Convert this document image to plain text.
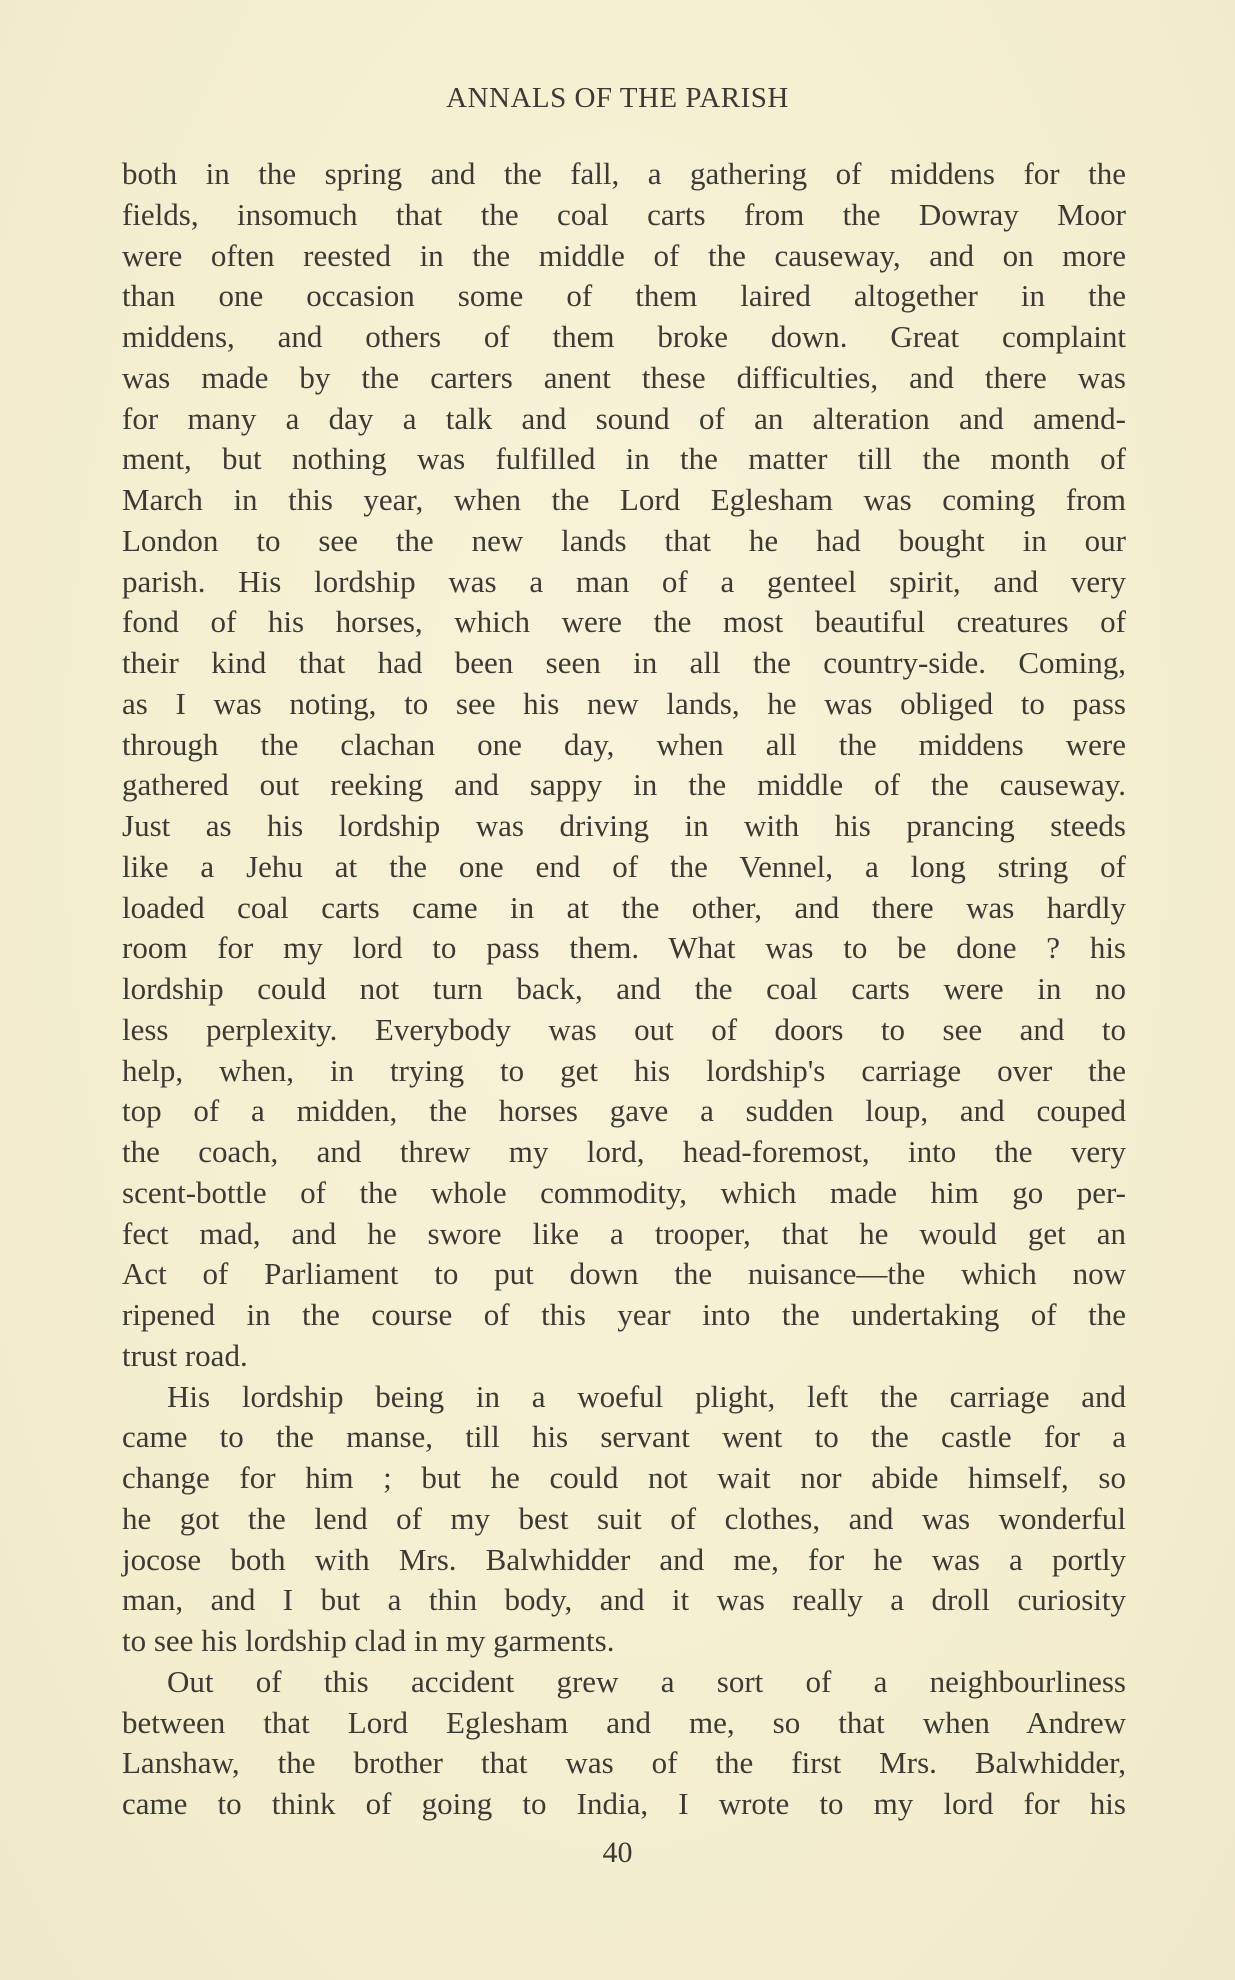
ANNALS OF THE PARISH
both in the spring and the fall, a gathering of middens for the
fields, insomuch that the coal carts from the Dowray Moor
were often reested in the middle of the causeway, and on more
than one occasion some of them laired altogether in the
middens, and others of them broke down. Great complaint
was made by the carters anent these difficulties, and there was
for many a day a talk and sound of an alteration and amend-
ment, but nothing was fulfilled in the matter till the month of
March in this year, when the Lord Eglesham was coming from
London to see the new lands that he had bought in our
parish. His lordship was a man of a genteel spirit, and very
fond of his horses, which were the most beautiful creatures of
their kind that had been seen in all the country-side. Coming,
as I was noting, to see his new lands, he was obliged to pass
through the clachan one day, when all the middens were
gathered out reeking and sappy in the middle of the causeway.
Just as his lordship was driving in with his prancing steeds
like a Jehu at the one end of the Vennel, a long string of
loaded coal carts came in at the other, and there was hardly
room for my lord to pass them. What was to be done ? his
lordship could not turn back, and the coal carts were in no
less perplexity. Everybody was out of doors to see and to
help, when, in trying to get his lordship's carriage over the
top of a midden, the horses gave a sudden loup, and couped
the coach, and threw my lord, head-foremost, into the very
scent-bottle of the whole commodity, which made him go per-
fect mad, and he swore like a trooper, that he would get an
Act of Parliament to put down the nuisance—the which now
ripened in the course of this year into the undertaking of the
trust road.
His lordship being in a woeful plight, left the carriage and
came to the manse, till his servant went to the castle for a
change for him ; but he could not wait nor abide himself, so
he got the lend of my best suit of clothes, and was wonderful
jocose both with Mrs. Balwhidder and me, for he was a portly
man, and I but a thin body, and it was really a droll curiosity
to see his lordship clad in my garments.
Out of this accident grew a sort of a neighbourliness
between that Lord Eglesham and me, so that when Andrew
Lanshaw, the brother that was of the first Mrs. Balwhidder,
came to think of going to India, I wrote to my lord for his
40
